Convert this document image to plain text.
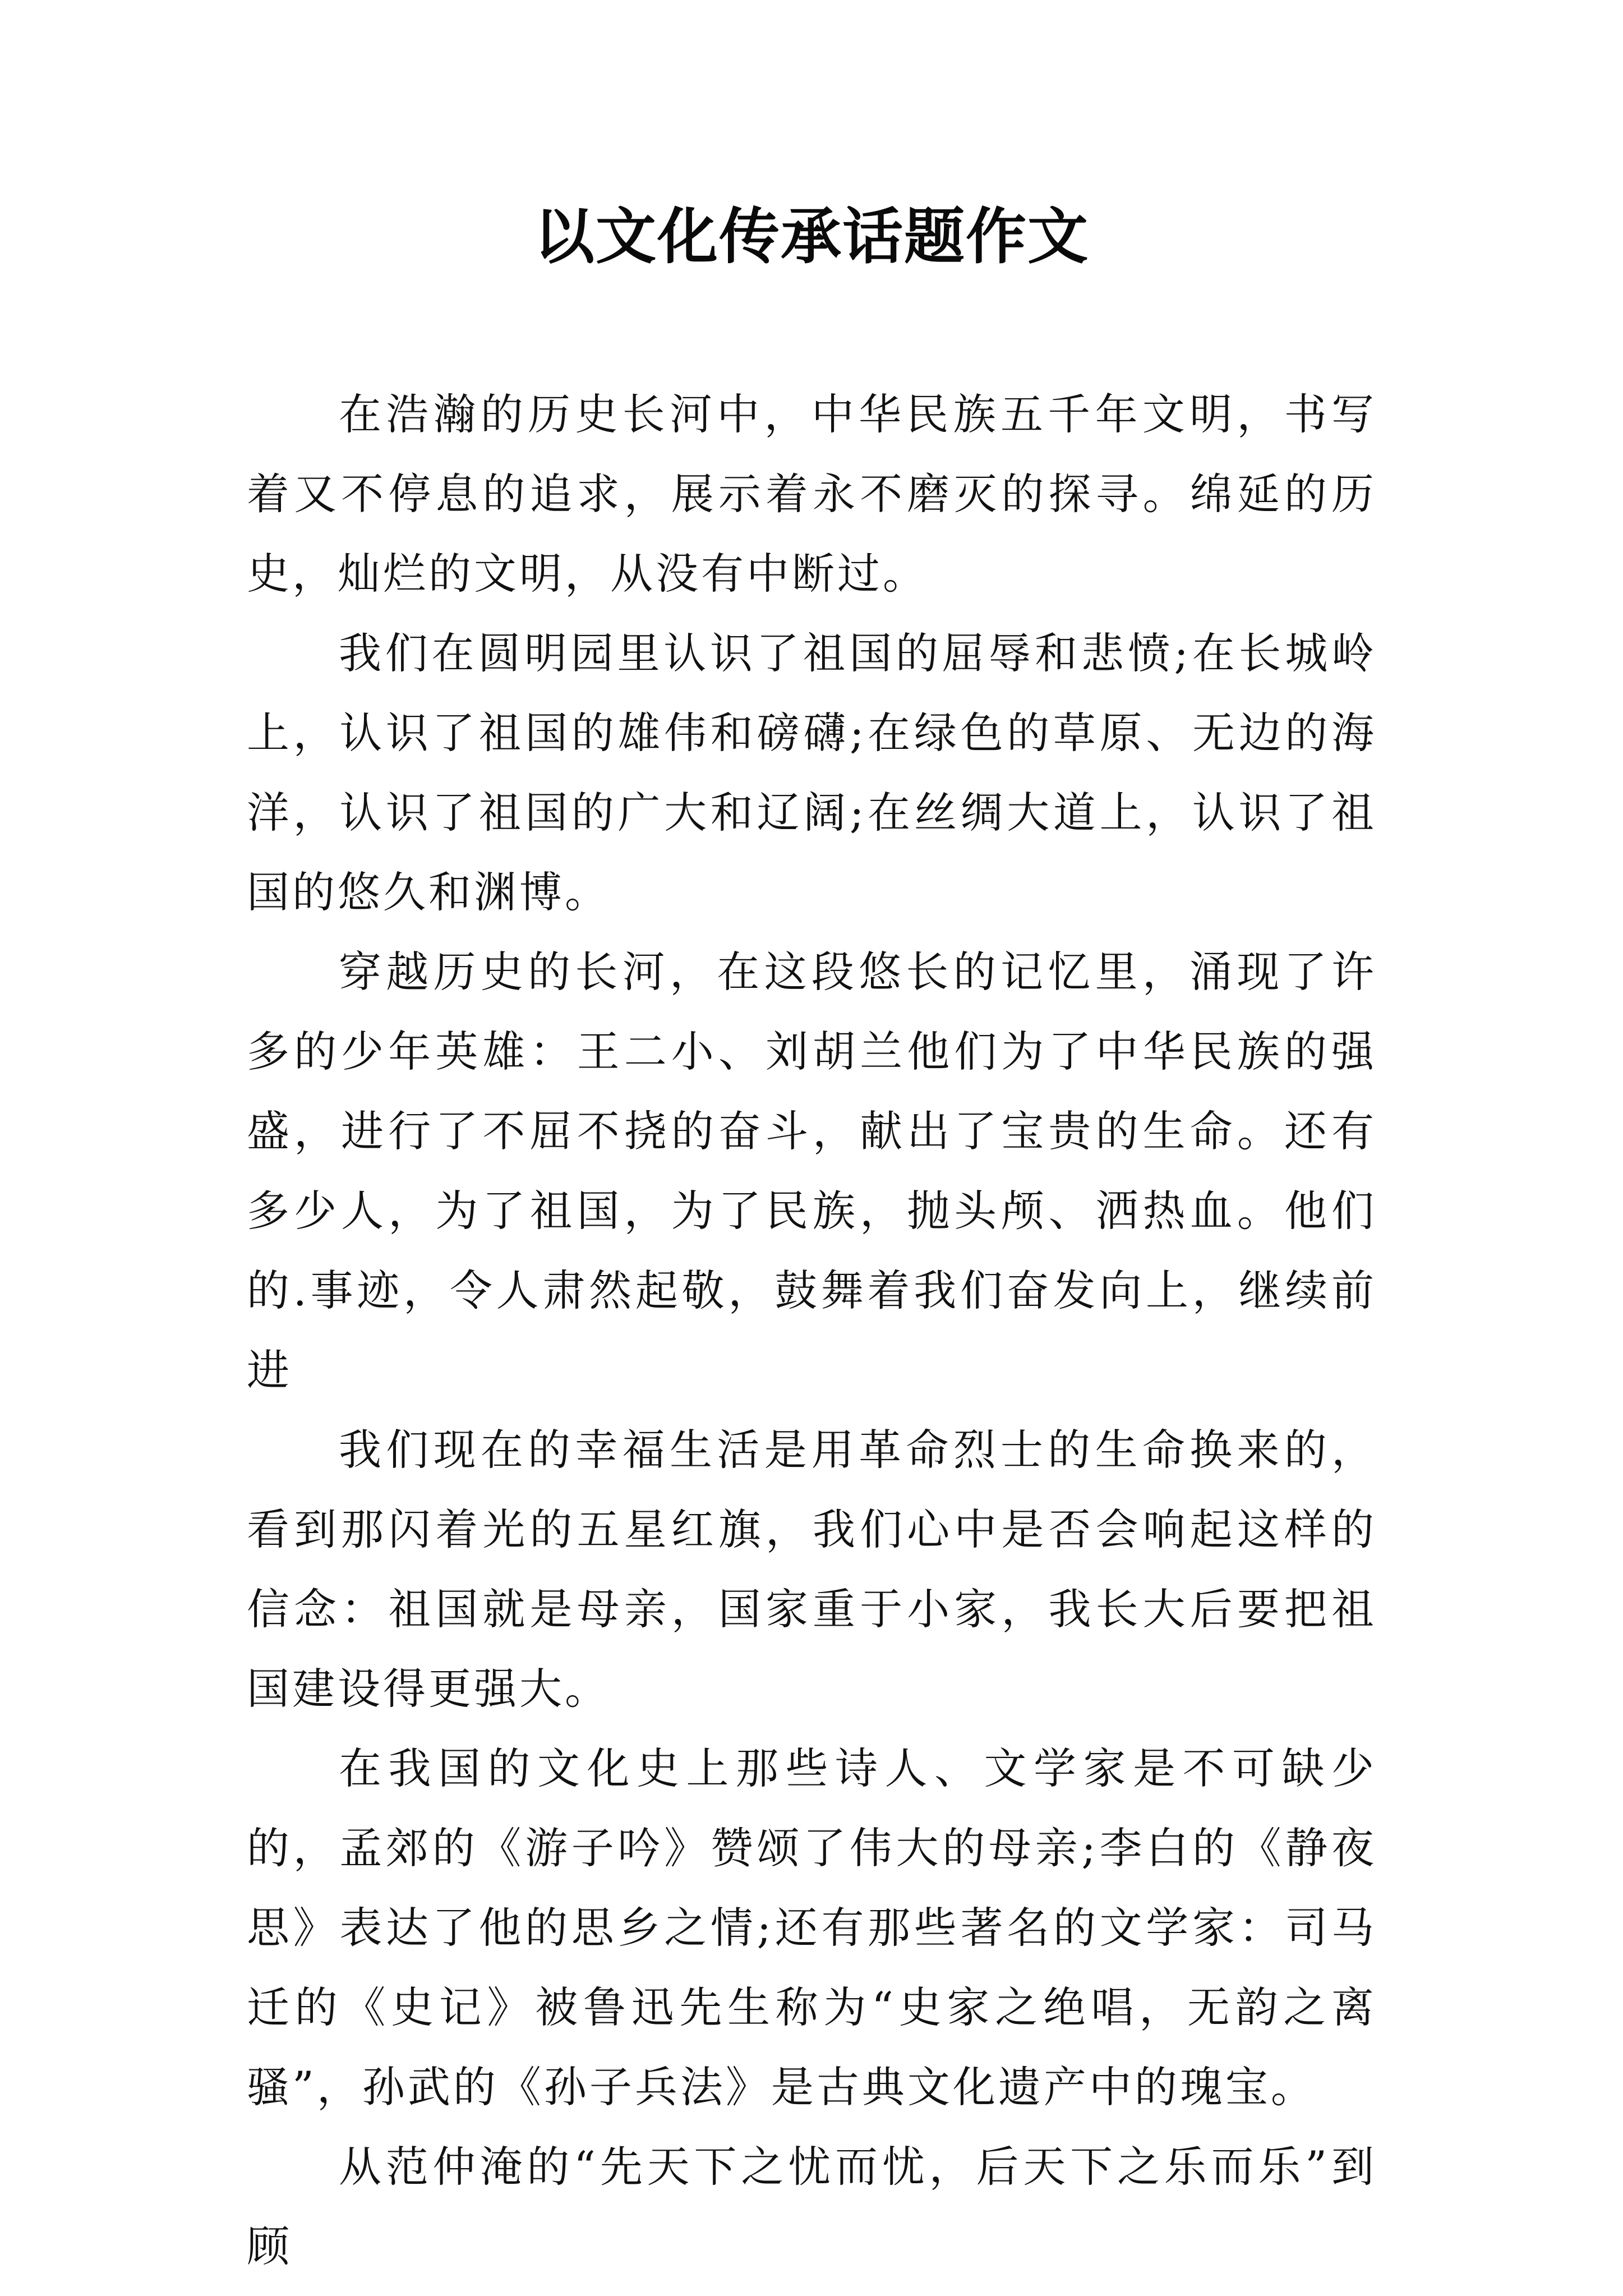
以文化传承话题作文

在浩瀚的历史长河中，中华民族五千年文明，书写着又不停息的追求，展示着永不磨灭的探寻。绵延的历史，灿烂的文明，从没有中断过。

我们在圆明园里认识了祖国的屈辱和悲愤;在长城岭上，认识了祖国的雄伟和磅礴;在绿色的草原、无边的海洋，认识了祖国的广大和辽阔;在丝绸大道上，认识了祖国的悠久和渊博。

穿越历史的长河，在这段悠长的记忆里，涌现了许多的少年英雄：王二小、刘胡兰他们为了中华民族的强盛，进行了不屈不挠的奋斗，献出了宝贵的生命。还有多少人，为了祖国，为了民族，抛头颅、洒热血。他们的.事迹，令人肃然起敬，鼓舞着我们奋发向上，继续前进

我们现在的幸福生活是用革命烈士的生命换来的，看到那闪着光的五星红旗，我们心中是否会响起这样的信念：祖国就是母亲，国家重于小家，我长大后要把祖国建设得更强大。

在我国的文化史上那些诗人、文学家是不可缺少的，孟郊的《游子吟》赞颂了伟大的母亲;李白的《静夜思》表达了他的思乡之情;还有那些著名的文学家：司马迁的《史记》被鲁迅先生称为“史家之绝唱，无韵之离骚”，孙武的《孙子兵法》是古典文化遗产中的瑰宝。

从范仲淹的“先天下之忧而忧，后天下之乐而乐”到顾
